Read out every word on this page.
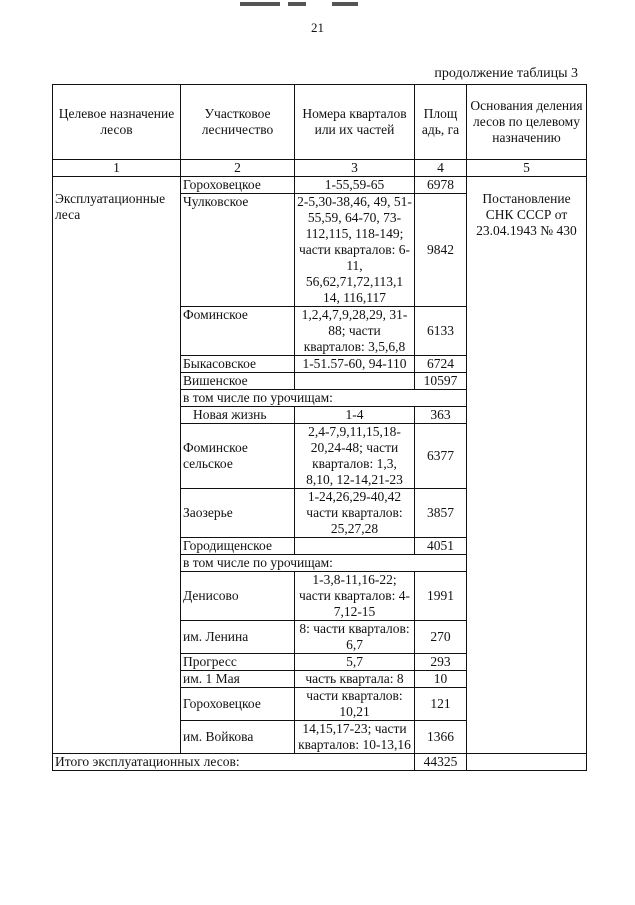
21
продолжение таблицы 3
Целевое назначение лесов	Участковое лесничество	Номера кварталов или их частей	Площ адь, га	Основания деления лесов по целевому назначению
1	2	3	4	5
Эксплуатационные леса	Гороховецкое	1-55,59-65	6978	Постановление СНК СССР от 23.04.1943 № 430
	Чулковское	2-5,30-38,46, 49, 51-55,59, 64-70, 73-112,115, 118-149; части кварталов: 6-11, 56,62,71,72,113,1 14, 116,117	9842	
	Фоминское	1,2,4,7,9,28,29, 31-88; части кварталов: 3,5,6,8	6133	
	Быкасовское	1-51.57-60, 94-110	6724	
	Вишенское		10597	
	в том числе по урочищам:			
	Новая жизнь	1-4	363	
	Фоминское сельское	2,4-7,9,11,15,18- 20,24-48; части кварталов: 1,3, 8,10, 12-14,21-23	6377	
	Заозерье	1-24,26,29-40,42 части кварталов: 25,27,28	3857	
	Городищенское		4051	
	в том числе по урочищам:			
	Денисово	1-3,8-11,16-22; части кварталов: 4-7,12-15	1991	
	им. Ленина	8: части кварталов: 6,7	270	
	Прогресс	5,7	293	
	им. 1 Мая	часть квартала: 8	10	
	Гороховецкое	части кварталов: 10,21	121	
	им. Войкова	14,15,17-23; части кварталов: 10-13,16	1366	
Итого эксплуатационных лесов:			44325	
